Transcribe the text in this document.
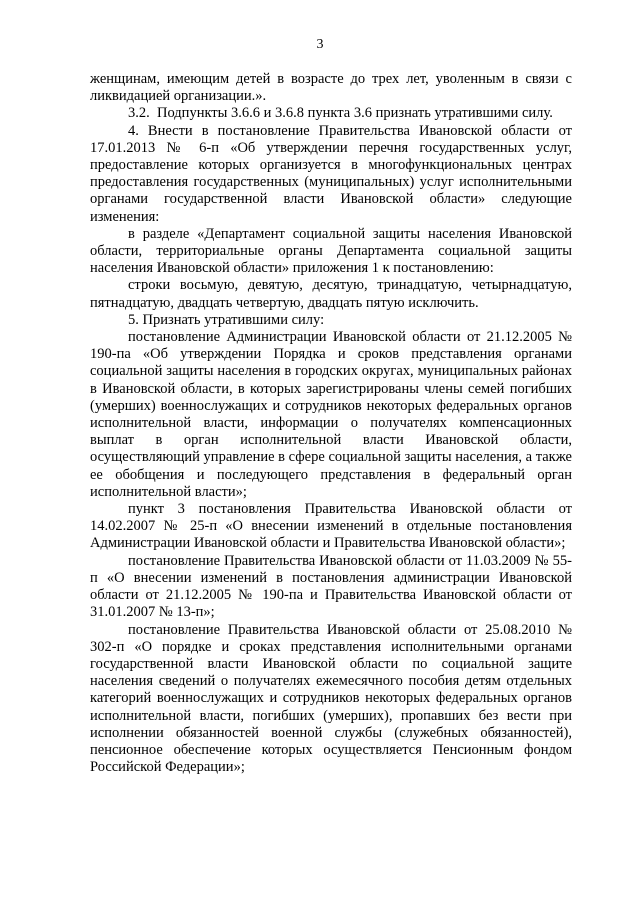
3

женщинам, имеющим детей в возрасте до трех лет, уволенным в связи с ликвидацией организации.».

3.2.  Подпункты 3.6.6 и 3.6.8 пункта 3.6 признать утратившими силу.

4. Внести в постановление Правительства Ивановской области от 17.01.2013 № 6-п «Об утверждении перечня государственных услуг, предоставление которых организуется в многофункциональных центрах предоставления государственных (муниципальных) услуг исполнительными органами государственной власти Ивановской области» следующие изменения:

в разделе «Департамент социальной защиты населения Ивановской области, территориальные органы Департамента социальной защиты населения Ивановской области» приложения 1 к постановлению:

строки восьмую, девятую, десятую, тринадцатую, четырнадцатую, пятнадцатую, двадцать четвертую, двадцать пятую исключить.

5. Признать утратившими силу:

постановление Администрации Ивановской области от 21.12.2005 № 190-па «Об утверждении Порядка и сроков представления органами социальной защиты населения в городских округах, муниципальных районах в Ивановской области, в которых зарегистрированы члены семей погибших (умерших) военнослужащих и сотрудников некоторых федеральных органов исполнительной власти, информации о получателях компенсационных выплат в орган исполнительной власти Ивановской области, осуществляющий управление в сфере социальной защиты населения, а также ее обобщения и последующего представления в федеральный орган исполнительной власти»;

пункт 3 постановления Правительства Ивановской области от 14.02.2007 № 25-п «О внесении изменений в отдельные постановления Администрации Ивановской области и Правительства Ивановской области»;

постановление Правительства Ивановской области от 11.03.2009 № 55-п «О внесении изменений в постановления администрации Ивановской области от 21.12.2005 № 190-па и Правительства Ивановской области от 31.01.2007 № 13-п»;

постановление Правительства Ивановской области от 25.08.2010 № 302-п «О порядке и сроках представления исполнительными органами государственной власти Ивановской области по социальной защите населения сведений о получателях ежемесячного пособия детям отдельных категорий военнослужащих и сотрудников некоторых федеральных органов исполнительной власти, погибших (умерших), пропавших без вести при исполнении обязанностей военной службы (служебных обязанностей), пенсионное обеспечение которых осуществляется Пенсионным фондом Российской Федерации»;
